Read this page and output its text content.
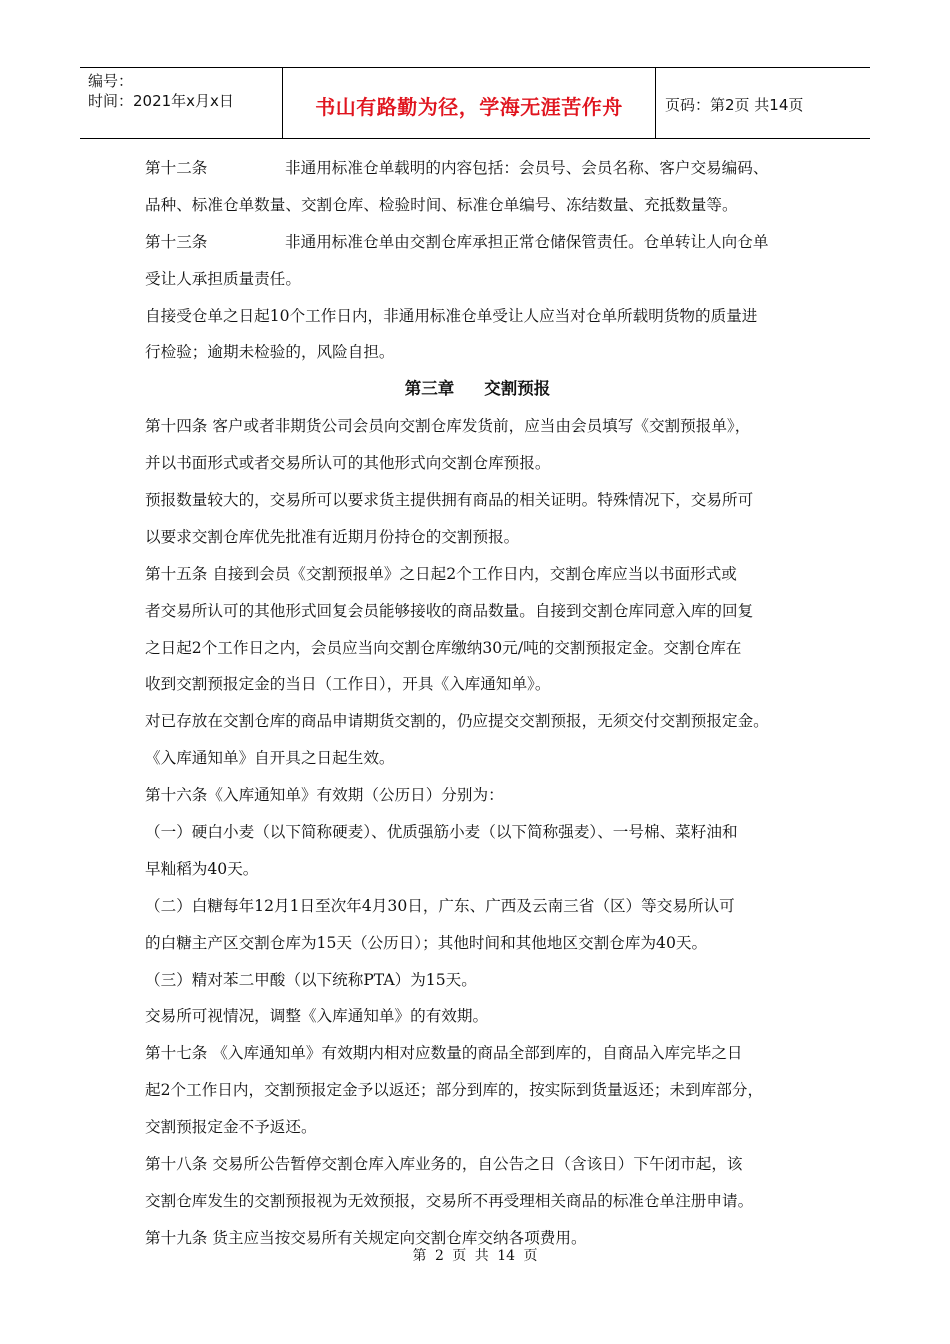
编号：
时间：2021年x月x日	书山有路勤为径，学海无涯苦作舟	页码：第2页 共14页
第十二条	非通用标准仓单载明的内容包括：会员号、会员名称、客户交易编码、
品种、标准仓单数量、交割仓库、检验时间、标准仓单编号、冻结数量、充抵数量等。
第十三条	非通用标准仓单由交割仓库承担正常仓储保管责任。仓单转让人向仓单
受让人承担质量责任。
自接受仓单之日起10个工作日内，非通用标准仓单受让人应当对仓单所载明货物的质量进
行检验；逾期未检验的，风险自担。
第三章 交割预报
第十四条 客户或者非期货公司会员向交割仓库发货前，应当由会员填写《交割预报单》，
并以书面形式或者交易所认可的其他形式向交割仓库预报。
预报数量较大的，交易所可以要求货主提供拥有商品的相关证明。特殊情况下，交易所可
以要求交割仓库优先批准有近期月份持仓的交割预报。
第十五条 自接到会员《交割预报单》之日起2个工作日内，交割仓库应当以书面形式或
者交易所认可的其他形式回复会员能够接收的商品数量。自接到交割仓库同意入库的回复
之日起2个工作日之内，会员应当向交割仓库缴纳30元/吨的交割预报定金。交割仓库在
收到交割预报定金的当日（工作日），开具《入库通知单》。
对已存放在交割仓库的商品申请期货交割的，仍应提交交割预报，无须交付交割预报定金。
《入库通知单》自开具之日起生效。
第十六条《入库通知单》有效期（公历日）分别为：
（一）硬白小麦（以下简称硬麦）、优质强筋小麦（以下简称强麦）、一号棉、菜籽油和
早籼稻为40天。
（二）白糖每年12月1日至次年4月30日，广东、广西及云南三省（区）等交易所认可
的白糖主产区交割仓库为15天（公历日）；其他时间和其他地区交割仓库为40天。
（三）精对苯二甲酸（以下统称PTA）为15天。
交易所可视情况，调整《入库通知单》的有效期。
第十七条 《入库通知单》有效期内相对应数量的商品全部到库的，自商品入库完毕之日
起2个工作日内，交割预报定金予以返还；部分到库的，按实际到货量返还；未到库部分，
交割预报定金不予返还。
第十八条 交易所公告暂停交割仓库入库业务的，自公告之日（含该日）下午闭市起，该
交割仓库发生的交割预报视为无效预报，交易所不再受理相关商品的标准仓单注册申请。
第十九条 货主应当按交易所有关规定向交割仓库交纳各项费用。
第 2 页 共 14 页
